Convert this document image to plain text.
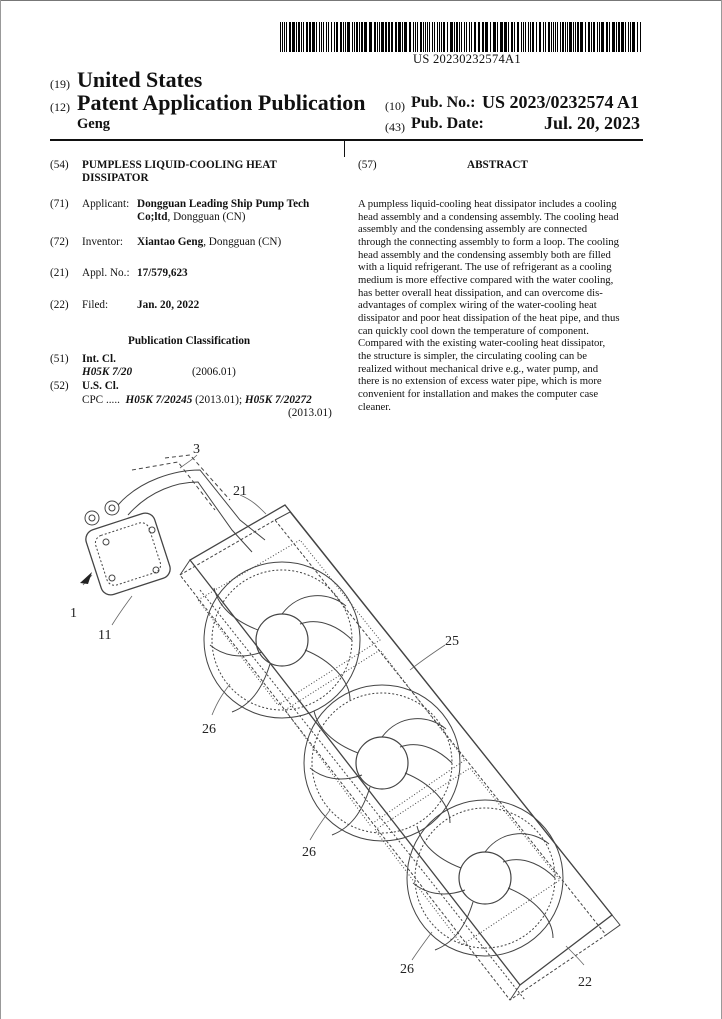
US 20230232574A1
(19) United States
(12) Patent Application Publication
Geng
(10) Pub. No.: US 2023/0232574 A1
(43) Pub. Date:	Jul. 20, 2023
(54) PUMPLESS LIQUID-COOLING HEAT
DISSIPATOR
(71) Applicant: Dongguan Leading Ship Pump Tech
Co;ltd, Dongguan (CN)
(72) Inventor: Xiantao Geng, Dongguan (CN)
(21) Appl. No.: 17/579,623
(22) Filed:	Jan. 20, 2022
Publication Classification
(51) Int. Cl.
H05K 7/20	(2006.01)
(52) U.S. Cl.
CPC ..... H05K 7/20245 (2013.01); H05K 7/20272
(2013.01)
(57)	ABSTRACT
A pumpless liquid-cooling heat dissipator includes a cooling
head assembly and a condensing assembly. The cooling head
assembly and the condensing assembly are connected
through the connecting assembly to form a loop. The cooling
head assembly and the condensing assembly both are filled
with a liquid refrigerant. The use of refrigerant as a cooling
medium is more effective compared with the water cooling,
has better overall heat dissipation, and can overcome dis-
advantages of complex wiring of the water-cooling heat
dissipator and poor heat dissipation of the heat pipe, and thus
can quickly cool down the temperature of component.
Compared with the existing water-cooling heat dissipator,
the structure is simpler, the circulating cooling can be
realized without mechanical drive e.g., water pump, and
there is no extension of excess water pipe, which is more
convenient for installation and makes the computer case
cleaner.
3
21
1
11	25
26
26
26
22
